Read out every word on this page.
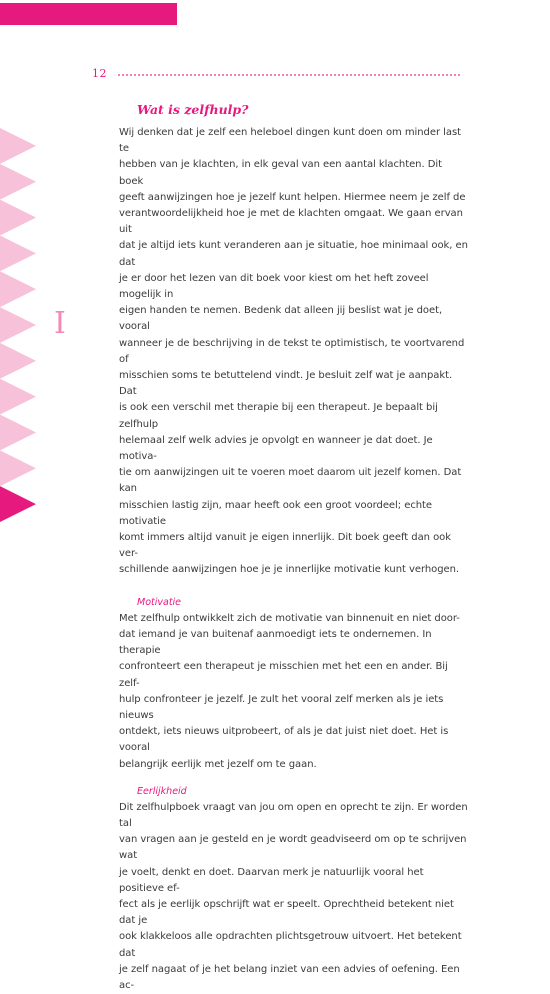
12
I
Wat is zelfhulp?

Wij denken dat je zelf een heleboel dingen kunt doen om minder last te
hebben van je klachten, in elk geval van een aantal klachten. Dit boek
geeft aanwijzingen hoe je jezelf kunt helpen. Hiermee neem je zelf de
verantwoordelijkheid hoe je met de klachten omgaat. We gaan ervan uit
dat je altijd iets kunt veranderen aan je situatie, hoe minimaal ook, en dat
je er door het lezen van dit boek voor kiest om het heft zoveel mogelijk in
eigen handen te nemen. Bedenk dat alleen jij beslist wat je doet, vooral
wanneer je de beschrijving in de tekst te optimistisch, te voortvarend of
misschien soms te betuttelend vindt. Je besluit zelf wat je aanpakt. Dat
is ook een verschil met therapie bij een therapeut. Je bepaalt bij zelfhulp
helemaal zelf welk advies je opvolgt en wanneer je dat doet. Je motiva-
tie om aanwijzingen uit te voeren moet daarom uit jezelf komen. Dat kan
misschien lastig zijn, maar heeft ook een groot voordeel; echte motivatie
komt immers altijd vanuit je eigen innerlijk. Dit boek geeft dan ook ver-
schillende aanwijzingen hoe je je innerlijke motivatie kunt verhogen.

Motivatie

Met zelfhulp ontwikkelt zich de motivatie van binnenuit en niet door-
dat iemand je van buitenaf aanmoedigt iets te ondernemen. In therapie
confronteert een therapeut je misschien met het een en ander. Bij zelf-
hulp confronteer je jezelf. Je zult het vooral zelf merken als je iets nieuws
ontdekt, iets nieuws uitprobeert, of als je dat juist niet doet. Het is vooral
belangrijk eerlijk met jezelf om te gaan.

Eerlijkheid

Dit zelfhulpboek vraagt van jou om open en oprecht te zijn. Er worden tal
van vragen aan je gesteld en je wordt geadviseerd om op te schrijven wat
je voelt, denkt en doet. Daarvan merk je natuurlijk vooral het positieve ef-
fect als je eerlijk opschrijft wat er speelt. Oprechtheid betekent niet dat je
ook klakkeloos alle opdrachten plichtsgetrouw uitvoert. Het betekent dat
je zelf nagaat of je het belang inziet van een advies of oefening. Een ac-
